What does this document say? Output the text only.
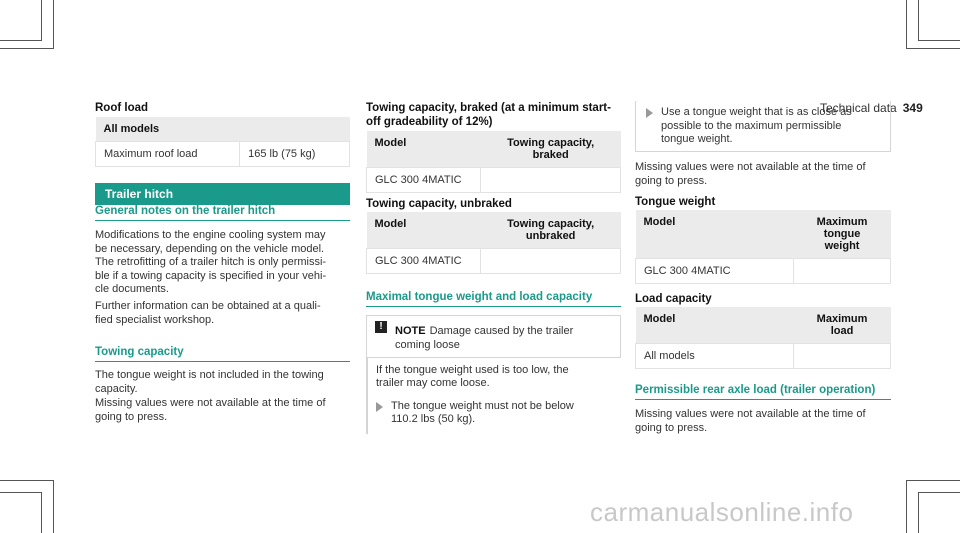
Technical data 349
Roof load
All models
Maximum roof load	165 lb (75 kg)
Trailer hitch
General notes on the trailer hitch

Modifications to the engine cooling system may

be necessary, depending on the vehicle model.

The retrofitting of a trailer hitch is only permissi-

ble if a towing capacity is specified in your vehi-

cle documents.

Further information can be obtained at a quali-

fied specialist workshop.

Towing capacity

The tongue weight is not included in the towing

capacity.

Missing values were not available at the time of

going to press.

Towing capacity, braked (at a minimum start-
off gradeability of 12%)
Model	Towing capacity,
braked

GLC 300 4MATIC	
Towing capacity, unbraked
Model	Towing capacity,
unbraked

GLC 300 4MATIC	
Maximal tongue weight and load capacity
! NOTE Damage caused by the trailer
coming loose

If the tongue weight used is too low, the

trailer may come loose.

The tongue weight must not be below

110.2 lbs (50 kg).

Use a tongue weight that is as close as

possible to the maximum permissible

tongue weight.

Missing values were not available at the time of

going to press.

Tongue weight
Model	Maximum
tongue
weight

GLC 300 4MATIC	
Load capacity
Model	Maximum
load

All models	
Permissible rear axle load (trailer operation)

Missing values were not available at the time of

going to press.

carmanualsonline.info
